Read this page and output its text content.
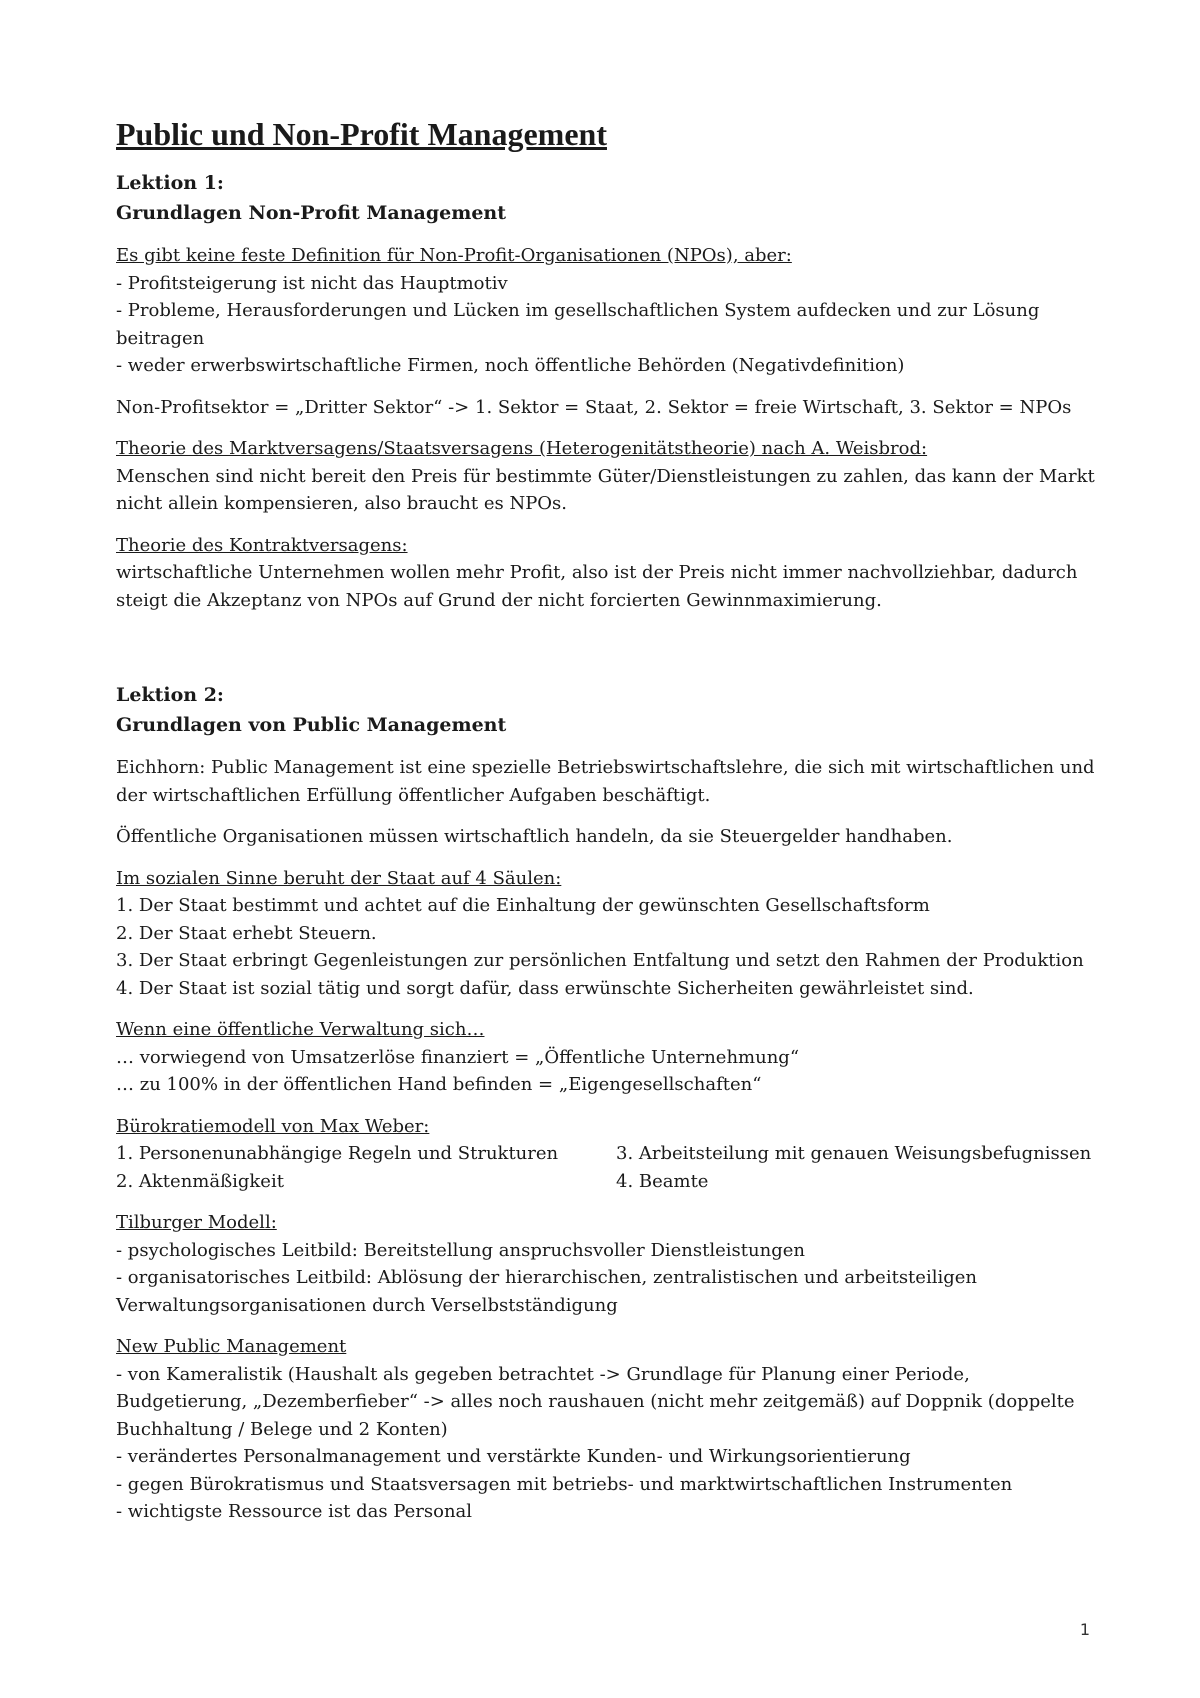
Public und Non-Profit Management
Lektion 1:
Grundlagen Non-Profit Management

Es gibt keine feste Definition für Non-Profit-Organisationen (NPOs), aber:

- Profitsteigerung ist nicht das Hauptmotiv

- Probleme, Herausforderungen und Lücken im gesellschaftlichen System aufdecken und zur Lösung beitragen

- weder erwerbswirtschaftliche Firmen, noch öffentliche Behörden (Negativdefinition)

Non-Profitsektor = „Dritter Sektor“ -> 1. Sektor = Staat, 2. Sektor = freie Wirtschaft, 3. Sektor = NPOs

Theorie des Marktversagens/Staatsversagens (Heterogenitätstheorie) nach A. Weisbrod:

Menschen sind nicht bereit den Preis für bestimmte Güter/Dienstleistungen zu zahlen, das kann der Markt nicht allein kompensieren, also braucht es NPOs.

Theorie des Kontraktversagens:

wirtschaftliche Unternehmen wollen mehr Profit, also ist der Preis nicht immer nachvollziehbar, dadurch steigt die Akzeptanz von NPOs auf Grund der nicht forcierten Gewinnmaximierung.

Lektion 2:
Grundlagen von Public Management

Eichhorn: Public Management ist eine spezielle Betriebswirtschaftslehre, die sich mit wirtschaftlichen und der wirtschaftlichen Erfüllung öffentlicher Aufgaben beschäftigt.

Öffentliche Organisationen müssen wirtschaftlich handeln, da sie Steuergelder handhaben.

Im sozialen Sinne beruht der Staat auf 4 Säulen:

1. Der Staat bestimmt und achtet auf die Einhaltung der gewünschten Gesellschaftsform

2. Der Staat erhebt Steuern.

3. Der Staat erbringt Gegenleistungen zur persönlichen Entfaltung und setzt den Rahmen der Produktion

4. Der Staat ist sozial tätig und sorgt dafür, dass erwünschte Sicherheiten gewährleistet sind.

Wenn eine öffentliche Verwaltung sich…

… vorwiegend von Umsatzerlöse finanziert = „Öffentliche Unternehmung“

… zu 100% in der öffentlichen Hand befinden = „Eigengesellschaften“

Bürokratiemodell von Max Weber:

1. Personenunabhängige Regeln und Strukturen	3. Arbeitsteilung mit genauen Weisungsbefugnissen
2. Aktenmäßigkeit	4. Beamte

Tilburger Modell:

- psychologisches Leitbild: Bereitstellung anspruchsvoller Dienstleistungen

- organisatorisches Leitbild: Ablösung der hierarchischen, zentralistischen und arbeitsteiligen Verwaltungsorganisationen durch Verselbstständigung

New Public Management

- von Kameralistik (Haushalt als gegeben betrachtet -> Grundlage für Planung einer Periode, Budgetierung, „Dezemberfieber“ -> alles noch raushauen (nicht mehr zeitgemäß) auf Doppnik (doppelte Buchhaltung / Belege und 2 Konten)

- verändertes Personalmanagement und verstärkte Kunden- und Wirkungsorientierung

- gegen Bürokratismus und Staatsversagen mit betriebs- und marktwirtschaftlichen Instrumenten

- wichtigste Ressource ist das Personal

1
